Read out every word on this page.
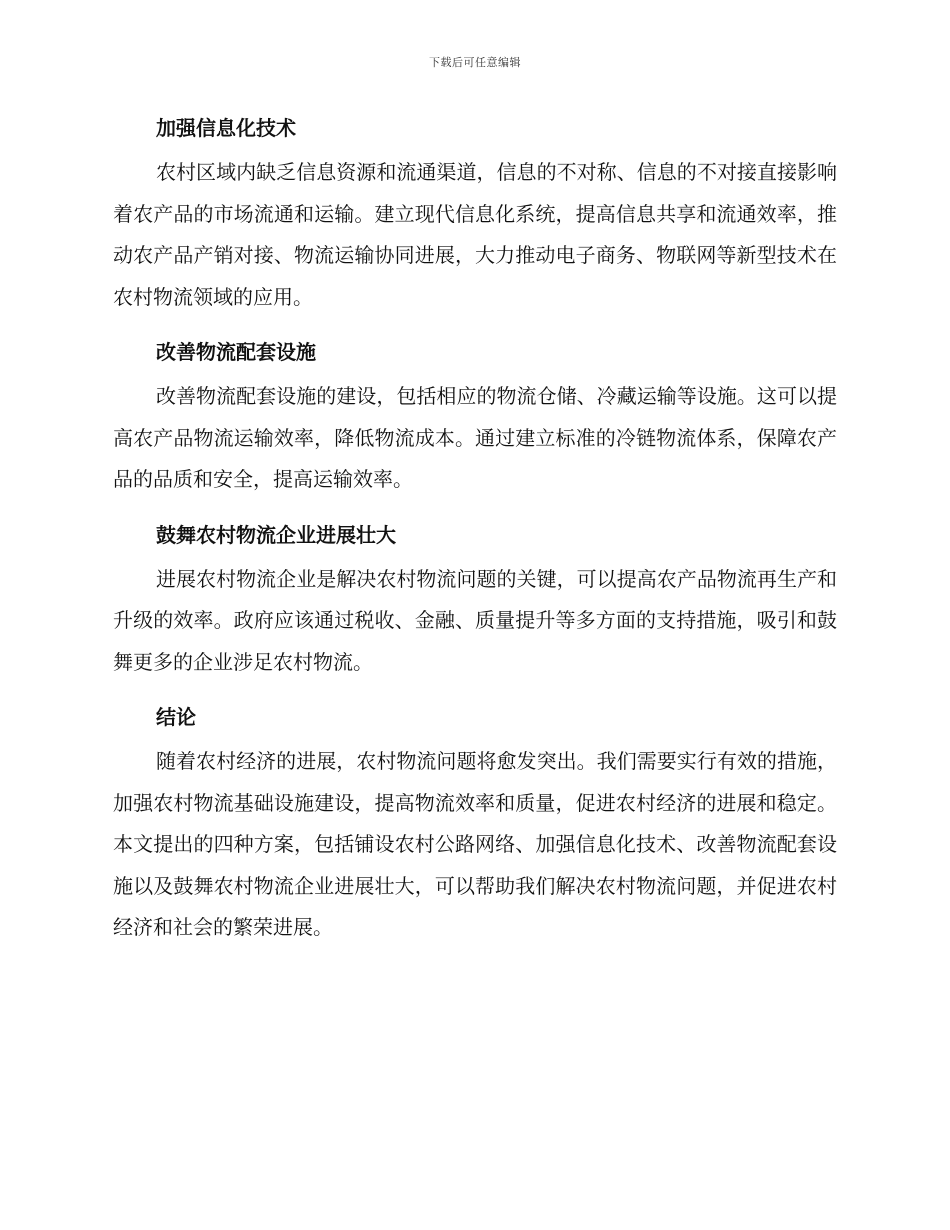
下载后可任意编辑
加强信息化技术

农村区域内缺乏信息资源和流通渠道，信息的不对称、信息的不对接直接影响着农产品的市场流通和运输。建立现代信息化系统，提高信息共享和流通效率，推动农产品产销对接、物流运输协同进展，大力推动电子商务、物联网等新型技术在农村物流领域的应用。

改善物流配套设施

改善物流配套设施的建设，包括相应的物流仓储、冷藏运输等设施。这可以提高农产品物流运输效率，降低物流成本。通过建立标准的冷链物流体系，保障农产品的品质和安全，提高运输效率。

鼓舞农村物流企业进展壮大

进展农村物流企业是解决农村物流问题的关键，可以提高农产品物流再生产和升级的效率。政府应该通过税收、金融、质量提升等多方面的支持措施，吸引和鼓舞更多的企业涉足农村物流。

结论

随着农村经济的进展，农村物流问题将愈发突出。我们需要实行有效的措施，加强农村物流基础设施建设，提高物流效率和质量，促进农村经济的进展和稳定。本文提出的四种方案，包括铺设农村公路网络、加强信息化技术、改善物流配套设施以及鼓舞农村物流企业进展壮大，可以帮助我们解决农村物流问题，并促进农村经济和社会的繁荣进展。
